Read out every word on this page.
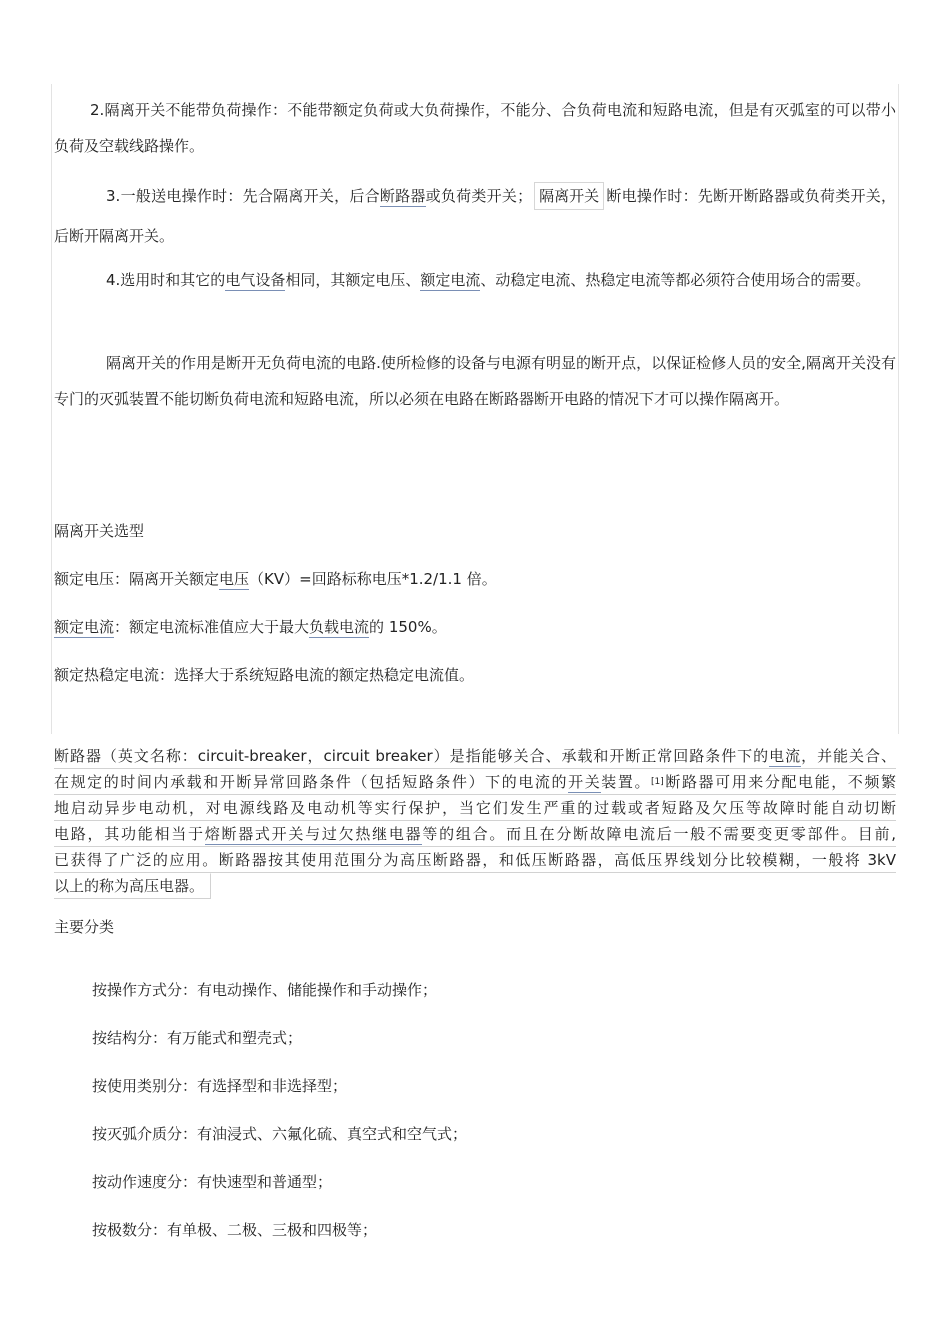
2.隔离开关不能带负荷操作：不能带额定负荷或大负荷操作，不能分、合负荷电流和短路电流，但是有灭弧室的可以带小负荷及空载线路操作。

3.一般送电操作时：先合隔离开关，后合断路器或负荷类开关； 隔离开关 断电操作时：先断开断路器或负荷类开关，后断开隔离开关。

4.选用时和其它的电气设备相同，其额定电压、额定电流、动稳定电流、热稳定电流等都必须符合使用场合的需要。

隔离开关的作用是断开无负荷电流的电路.使所检修的设备与电源有明显的断开点，以保证检修人员的安全,隔离开关没有专门的灭弧装置不能切断负荷电流和短路电流，所以必须在电路在断路器断开电路的情况下才可以操作隔离开。

隔离开关选型

额定电压：隔离开关额定电压（KV）=回路标称电压*1.2/1.1 倍。

额定电流：额定电流标准值应大于最大负载电流的 150%。

额定热稳定电流：选择大于系统短路电流的额定热稳定电流值。

断路器（英文名称：circuit-breaker，circuit breaker）是指能够关合、承载和开断正常回路条件下的电流，并能关合、
在规定的时间内承载和开断异常回路条件（包括短路条件）下的电流的开关装置。[1]断路器可用来分配电能，不频繁
地启动异步电动机，对电源线路及电动机等实行保护，当它们发生严重的过载或者短路及欠压等故障时能自动切断
电路，其功能相当于熔断器式开关与过欠热继电器等的组合。而且在分断故障电流后一般不需要变更零部件。目前,
已获得了广泛的应用。断路器按其使用范围分为高压断路器，和低压断路器，高低压界线划分比较模糊，一般将 3kV
以上的称为高压电器。

主要分类

按操作方式分：有电动操作、储能操作和手动操作；

按结构分：有万能式和塑壳式；

按使用类别分：有选择型和非选择型；

按灭弧介质分：有油浸式、六氟化硫、真空式和空气式；

按动作速度分：有快速型和普通型；

按极数分：有单极、二极、三极和四极等；
